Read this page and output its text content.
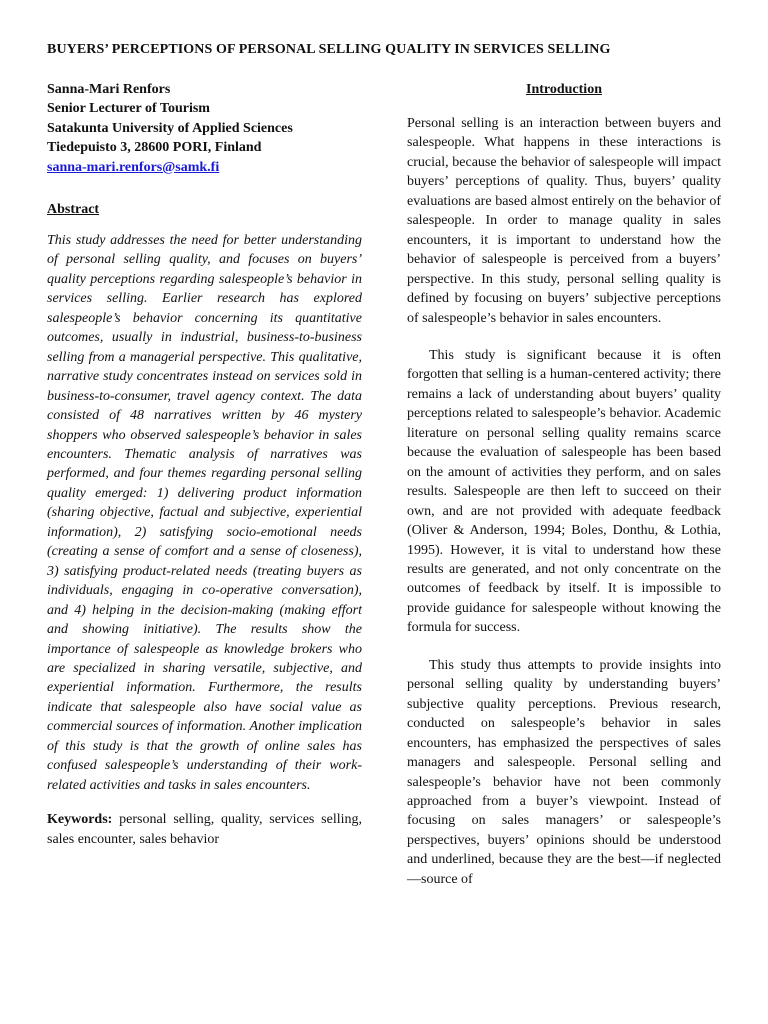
BUYERS’ PERCEPTIONS OF PERSONAL SELLING QUALITY IN SERVICES SELLING
Sanna-Mari Renfors
Senior Lecturer of Tourism
Satakunta University of Applied Sciences
Tiedepuisto 3, 28600 PORI, Finland
sanna-mari.renfors@samk.fi
Abstract

This study addresses the need for better understanding of personal selling quality, and focuses on buyers’ quality perceptions regarding salespeople’s behavior in services selling. Earlier research has explored salespeople’s behavior concerning its quantitative outcomes, usually in industrial, business-to-business selling from a managerial perspective. This qualitative, narrative study concentrates instead on services sold in business-to-consumer, travel agency context. The data consisted of 48 narratives written by 46 mystery shoppers who observed salespeople’s behavior in sales encounters. Thematic analysis of narratives was performed, and four themes regarding personal selling quality emerged: 1) delivering product information (sharing objective, factual and subjective, experiential information), 2) satisfying socio-emotional needs (creating a sense of comfort and a sense of closeness), 3) satisfying product-related needs (treating buyers as individuals, engaging in co-operative conversation), and 4) helping in the decision-making (making effort and showing initiative). The results show the importance of salespeople as knowledge brokers who are specialized in sharing versatile, subjective, and experiential information. Furthermore, the results indicate that salespeople also have social value as commercial sources of information. Another implication of this study is that the growth of online sales has confused salespeople’s understanding of their work-related activities and tasks in sales encounters.

Keywords: personal selling, quality, services selling, sales encounter, sales behavior

Introduction

Personal selling is an interaction between buyers and salespeople. What happens in these interactions is crucial, because the behavior of salespeople will impact buyers’ perceptions of quality. Thus, buyers’ quality evaluations are based almost entirely on the behavior of salespeople. In order to manage quality in sales encounters, it is important to understand how the behavior of salespeople is perceived from a buyers’ perspective. In this study, personal selling quality is defined by focusing on buyers’ subjective perceptions of salespeople’s behavior in sales encounters.

This study is significant because it is often forgotten that selling is a human-centered activity; there remains a lack of understanding about buyers’ quality perceptions related to salespeople’s behavior. Academic literature on personal selling quality remains scarce because the evaluation of salespeople has been based on the amount of activities they perform, and on sales results. Salespeople are then left to succeed on their own, and are not provided with adequate feedback (Oliver & Anderson, 1994; Boles, Donthu, & Lothia, 1995). However, it is vital to understand how these results are generated, and not only concentrate on the outcomes of feedback by itself. It is impossible to provide guidance for salespeople without knowing the formula for success.

This study thus attempts to provide insights into personal selling quality by understanding buyers’ subjective quality perceptions. Previous research, conducted on salespeople’s behavior in sales encounters, has emphasized the perspectives of sales managers and salespeople. Personal selling and salespeople’s behavior have not been commonly approached from a buyer’s viewpoint. Instead of focusing on sales managers’ or salespeople’s perspectives, buyers’ opinions should be understood and underlined, because they are the best—if neglected—source of
